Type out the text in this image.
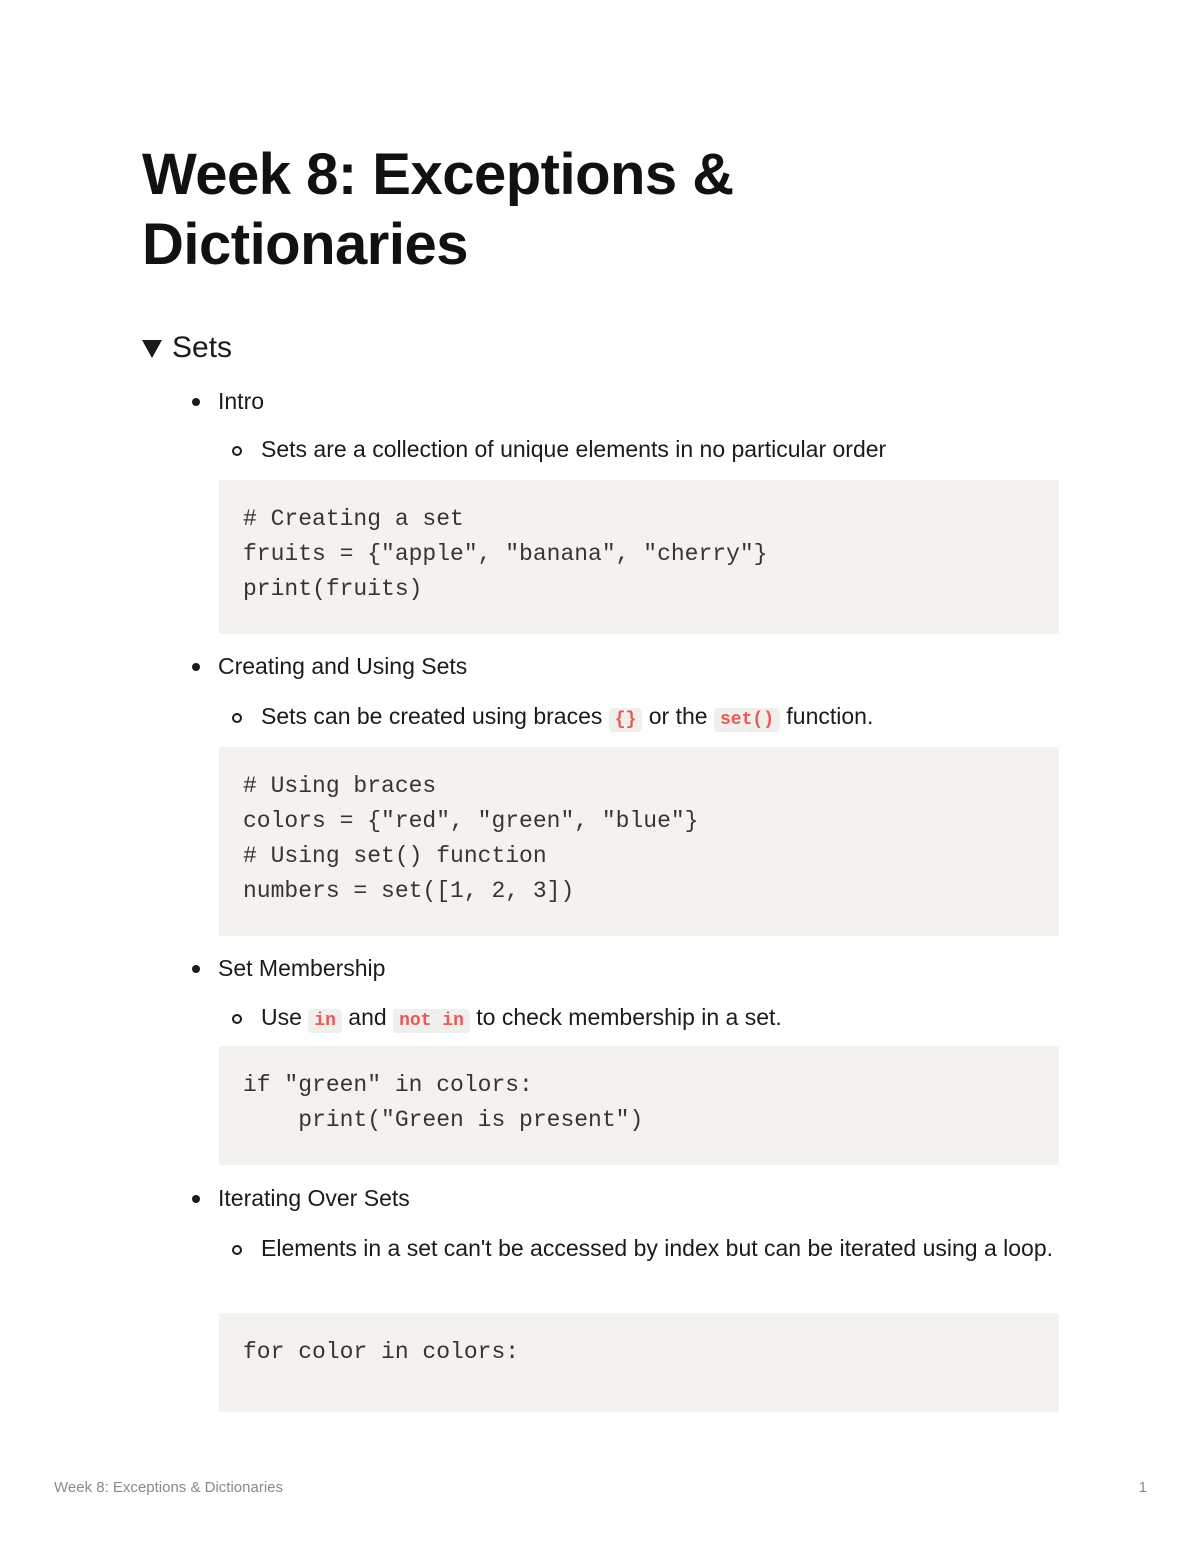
Week 8: Exceptions & Dictionaries
Sets
Intro
Sets are a collection of unique elements in no particular order
# Creating a set
fruits = {"apple", "banana", "cherry"}
print(fruits)
Creating and Using Sets
Sets can be created using braces {} or the set() function.
# Using braces
colors = {"red", "green", "blue"}
# Using set() function
numbers = set([1, 2, 3])
Set Membership
Use in and not in to check membership in a set.
if "green" in colors:
print("Green is present")
Iterating Over Sets
Elements in a set can't be accessed by index but can be iterated using a loop.
for color in colors:
Week 8: Exceptions & Dictionaries	1
